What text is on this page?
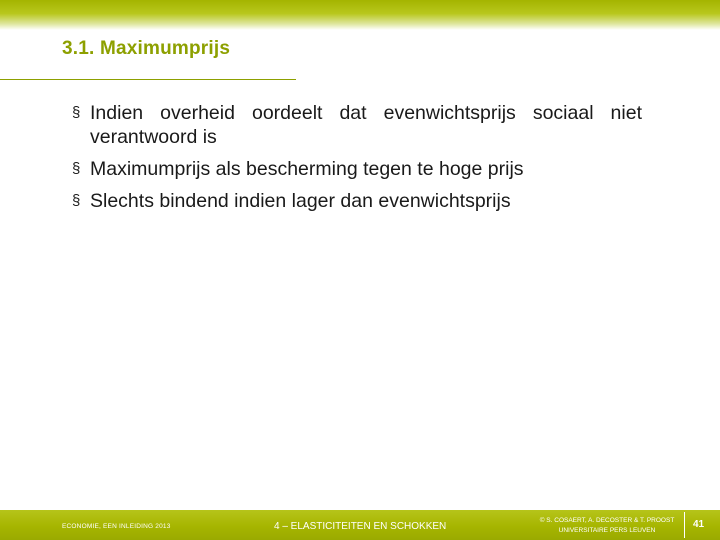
3.1. Maximumprijs
§ Indien overheid oordeelt dat evenwichtsprijs sociaal niet verantwoord is
§ Maximumprijs als bescherming tegen te hoge prijs
§ Slechts bindend indien lager dan evenwichtsprijs
ECONOMIE, EEN INLEIDING 2013	4 – ELASTICITEITEN EN SCHOKKEN
© S. COSAERT, A. DECOSTER & T. PROOST
UNIVERSITAIRE PERS LEUVEN
41
